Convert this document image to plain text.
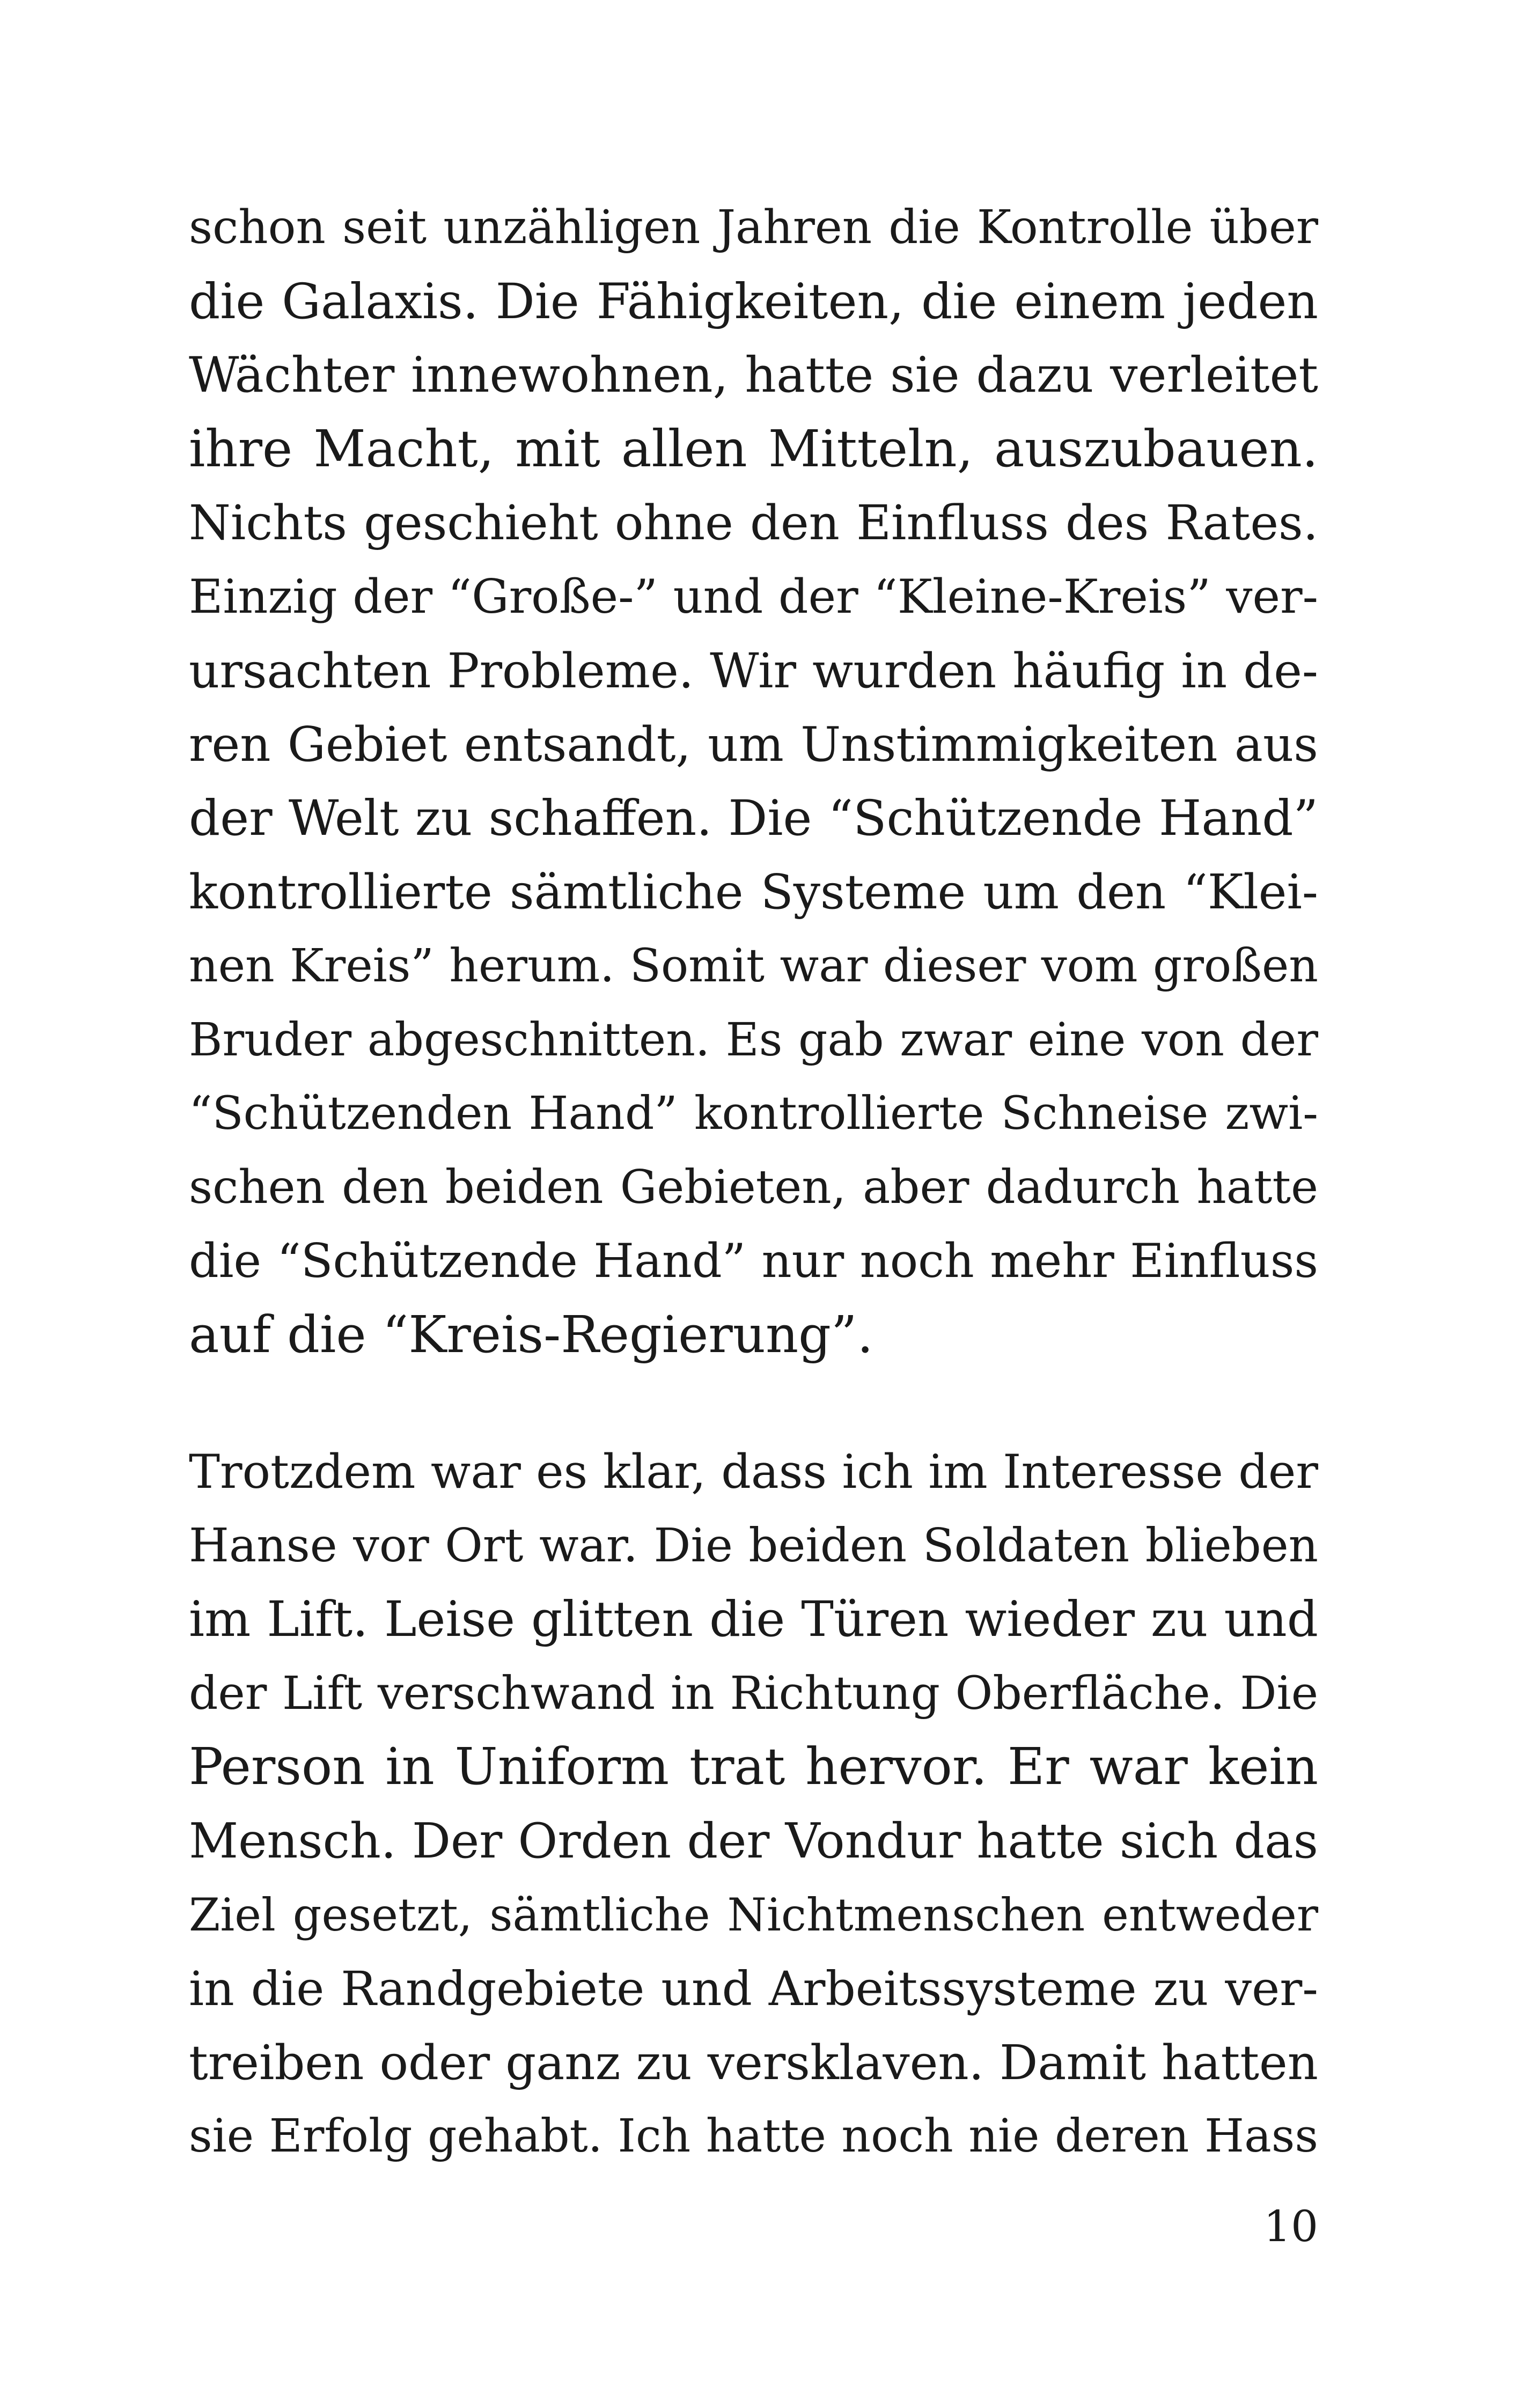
schon seit unzähligen Jahren die Kontrolle über
die Galaxis. Die Fähigkeiten, die einem jeden
Wächter innewohnen, hatte sie dazu verleitet
ihre Macht, mit allen Mitteln, auszubauen.
Nichts geschieht ohne den Einfluss des Rates.
Einzig der “Große-” und der “Kleine-Kreis” ver-
ursachten Probleme. Wir wurden häufig in de-
ren Gebiet entsandt, um Unstimmigkeiten aus
der Welt zu schaffen. Die “Schützende Hand”
kontrollierte sämtliche Systeme um den “Klei-
nen Kreis” herum. Somit war dieser vom großen
Bruder abgeschnitten. Es gab zwar eine von der
“Schützenden Hand” kontrollierte Schneise zwi-
schen den beiden Gebieten, aber dadurch hatte
die “Schützende Hand” nur noch mehr Einfluss
auf die “Kreis-Regierung”.
Trotzdem war es klar, dass ich im Interesse der
Hanse vor Ort war. Die beiden Soldaten blieben
im Lift. Leise glitten die Türen wieder zu und
der Lift verschwand in Richtung Oberfläche. Die
Person in Uniform trat hervor. Er war kein
Mensch. Der Orden der Vondur hatte sich das
Ziel gesetzt, sämtliche Nichtmenschen entweder
in die Randgebiete und Arbeitssysteme zu ver-
treiben oder ganz zu versklaven. Damit hatten
sie Erfolg gehabt. Ich hatte noch nie deren Hass
10
